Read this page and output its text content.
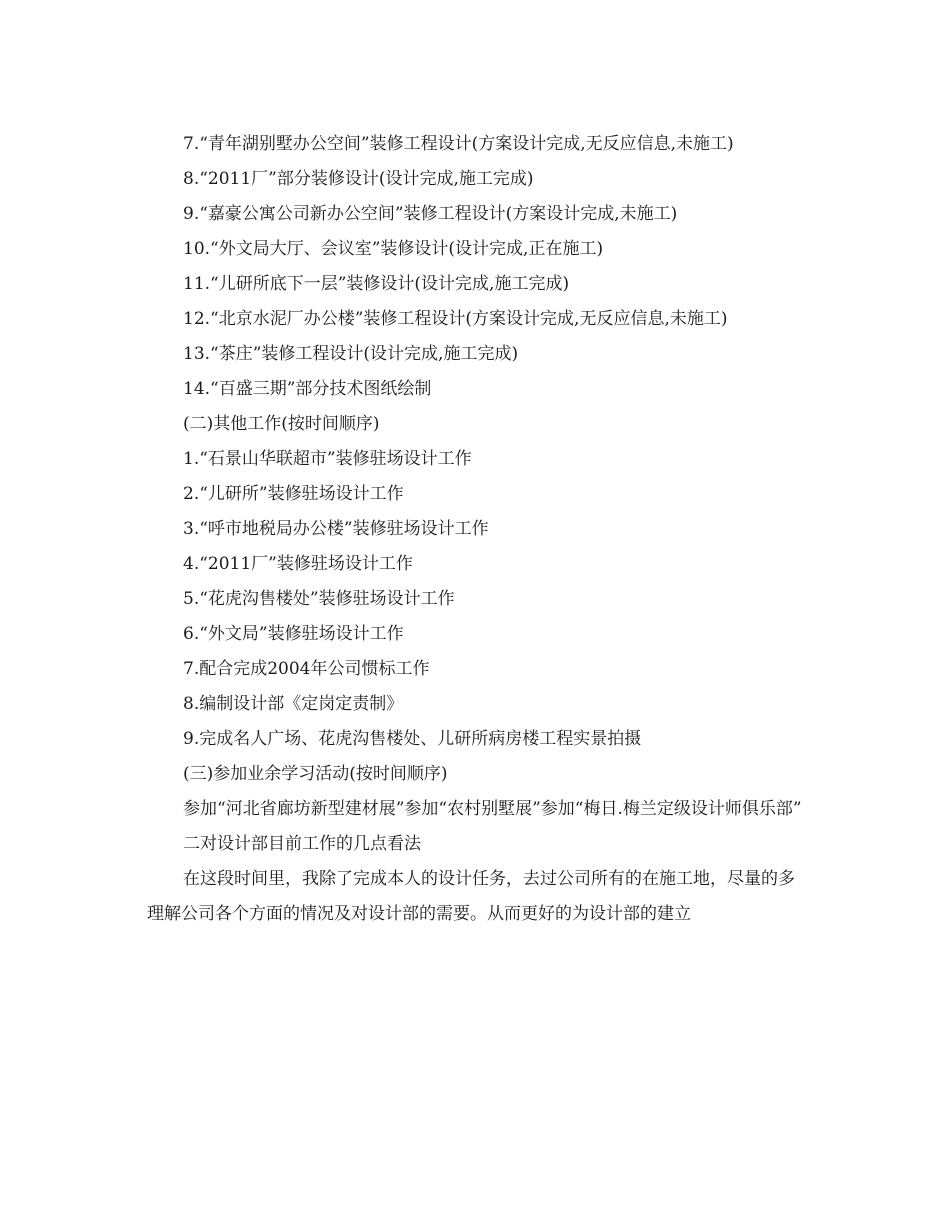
7.“青年湖别墅办公空间”装修工程设计(方案设计完成,无反应信息,未施工)

8.“2011厂”部分装修设计(设计完成,施工完成)

9.“嘉豪公寓公司新办公空间”装修工程设计(方案设计完成,未施工)

10.“外文局大厅、会议室”装修设计(设计完成,正在施工)

11.“儿研所底下一层”装修设计(设计完成,施工完成)

12.“北京水泥厂办公楼”装修工程设计(方案设计完成,无反应信息,未施工)

13.“茶庄”装修工程设计(设计完成,施工完成)

14.“百盛三期”部分技术图纸绘制

(二)其他工作(按时间顺序)

1.“石景山华联超市”装修驻场设计工作

2.“儿研所”装修驻场设计工作

3.“呼市地税局办公楼”装修驻场设计工作

4.“2011厂”装修驻场设计工作

5.“花虎沟售楼处”装修驻场设计工作

6.“外文局”装修驻场设计工作

7.配合完成2004年公司惯标工作

8.编制设计部《定岗定责制》

9.完成名人广场、花虎沟售楼处、儿研所病房楼工程实景拍摄

(三)参加业余学习活动(按时间顺序)

参加“河北省廊坊新型建材展”参加“农村别墅展”参加“梅日.梅兰定级设计师俱乐部”

二对设计部目前工作的几点看法

在这段时间里，我除了完成本人的设计任务，去过公司所有的在施工地，尽量的多理解公司各个方面的情况及对设计部的需要。从而更好的为设计部的建立
